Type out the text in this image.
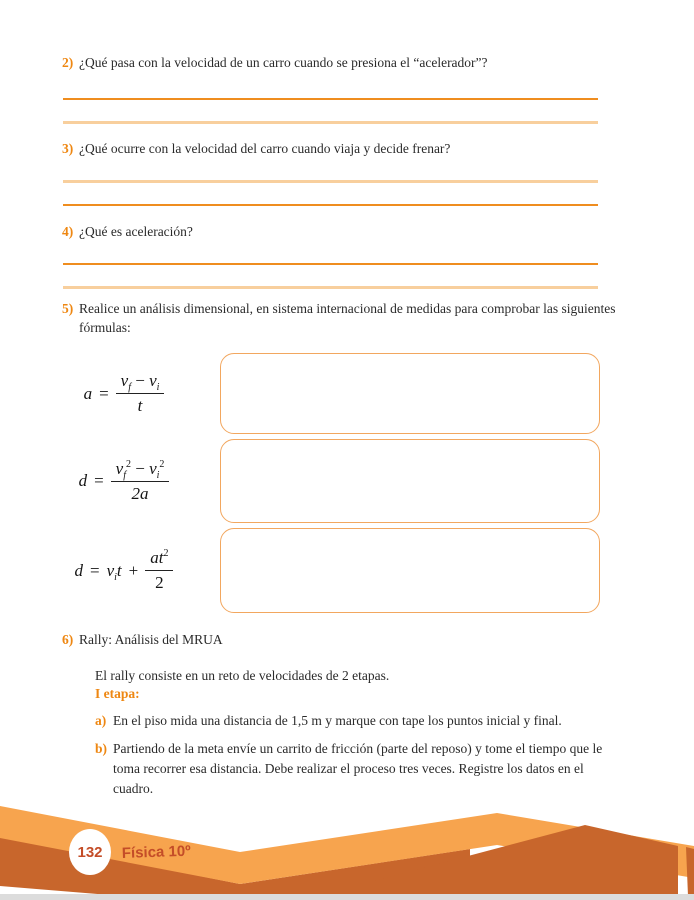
2) ¿Qué pasa con la velocidad de un carro cuando se presiona el “acelerador”?
3) ¿Qué ocurre con la velocidad del carro cuando viaja y decide frenar?
4) ¿Qué es aceleración?
5) Realice un análisis dimensional, en sistema internacional de medidas para comprobar las siguientes fórmulas:
$a = \frac{v_f - v_i}{t}$
$d = \frac{v_f^2 - v_i^2}{2a}$
$d = v_it + \frac{at^2}{2}$
6) Rally: Análisis del MRUA
El rally consiste en un reto de velocidades de 2 etapas.
I etapa:
a) En el piso mida una distancia de 1,5 m y marque con tape los puntos inicial y final.
b) Partiendo de la meta envíe un carrito de fricción (parte del reposo) y tome el tiempo que le toma recorrer esa distancia. Debe realizar el proceso tres veces. Registre los datos en el cuadro.
132 Física 10º
